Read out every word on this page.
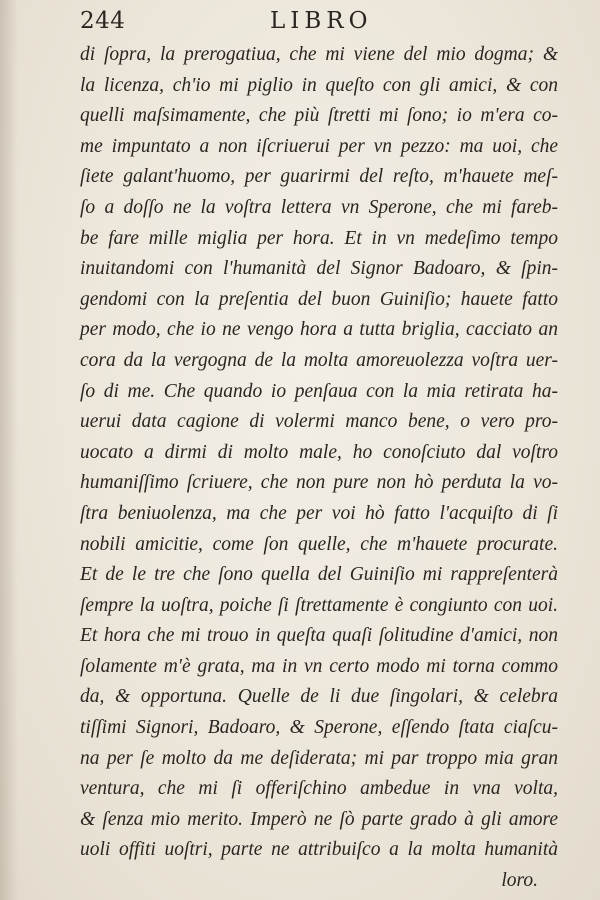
244	LIBRO
di ſopra, la prerogatiua, che mi viene del mio dogma; &
la licenza, ch'io mi piglio in queſto con gli amici, & con
quelli maſsimamente, che più ſtretti mi ſono; io m'era co-
me impuntato a non iſcriuerui per vn pezzo: ma uoi, che
ſiete galant'huomo, per guarirmi del reſto, m'hauete meſ-
ſo a doſſo ne la voſtra lettera vn Sperone, che mi fareb-
be fare mille miglia per hora. Et in vn medeſimo tempo
inuitandomi con l'humanità del Signor Badoaro, & ſpin-
gendomi con la preſentia del buon Guiniſio; hauete fatto
per modo, che io ne vengo hora a tutta briglia, cacciato an
cora da la vergogna de la molta amoreuolezza voſtra uer-
ſo di me. Che quando io penſaua con la mia retirata ha-
uerui data cagione di volermi manco bene, o vero pro-
uocato a dirmi di molto male, ho conoſciuto dal voſtro
humaniſſimo ſcriuere, che non pure non hò perduta la vo-
ſtra beniuolenza, ma che per voi hò fatto l'acquiſto di ſi
nobili amicitie, come ſon quelle, che m'hauete procurate.
Et de le tre che ſono quella del Guiniſio mi rappreſenterà
ſempre la uoſtra, poiche ſi ſtrettamente è congiunto con uoi.
Et hora che mi trouo in queſta quaſi ſolitudine d'amici, non
ſolamente m'è grata, ma in vn certo modo mi torna commo
da, & opportuna. Quelle de li due ſingolari, & celebra
tiſſimi Signori, Badoaro, & Sperone, eſſendo ſtata ciaſcu-
na per ſe molto da me deſiderata; mi par troppo mia gran
ventura, che mi ſi offeriſchino ambedue in vna volta,
& ſenza mio merito. Imperò ne ſò parte grado à gli amore
uoli offiti uoſtri, parte ne attribuiſco a la molta humanità
loro.
